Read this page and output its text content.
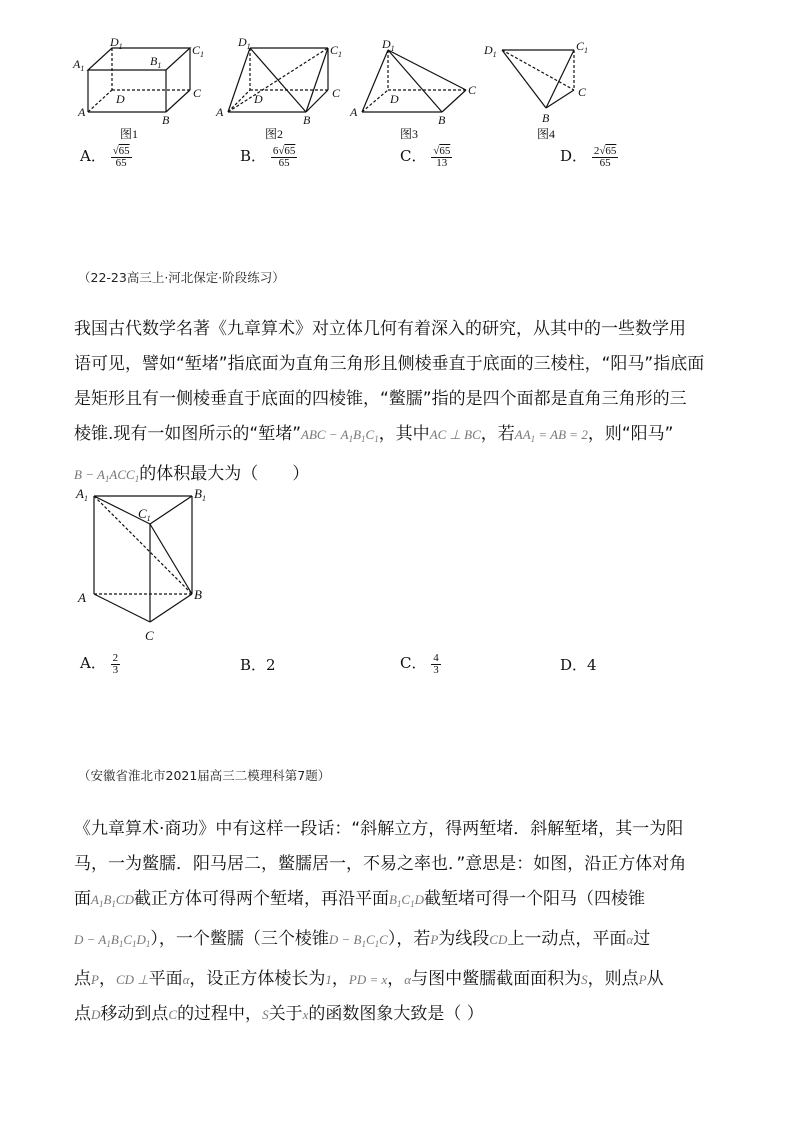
$D_1$	$C_1$
$A_1$
$B_1$
D	C
A
B
图1
$D_1$	$C_1$
D	C
A
B
图2
$D_1$
D
C
A
B
图3
$D_1$
$C_1$
C
B
图4
A． $\frac{√65}{65}$	B． $\frac{6√65}{65}$	C． $\frac{√65}{13}$	D． $\frac{2√65}{65}$
（22-23高三上·河北保定·阶段练习）
我国古代数学名著《九章算术》对立体几何有着深入的研究，从其中的一些数学用
语可见，譬如“堑堵”指底面为直角三角形且侧棱垂直于底面的三棱柱，“阳马”指底面
是矩形且有一侧棱垂直于底面的四棱锥，“鳖臑”指的是四个面都是直角三角形的三
棱锥.现有一如图所示的“堑堵”ABC − $A_1B_1C_1$，其中AC ⊥ BC，若$AA_1$ = AB = 2，则“阳马”
$B - A_1ACC_1$的体积最大为（　　）
$A_1$	$B_1$
$C_1$
A	B
C
A． $\frac{2}{3}$	B．2	C． $\frac{4}{3}$	D．4
（安徽省淮北市2021届高三二模理科第7题）
《九章算术·商功》中有这样一段话：“斜解立方，得两堑堵．斜解堑堵，其一为阳
马，一为鳖臑．阳马居二，鳖臑居一，不易之率也．”意思是：如图，沿正方体对角
面$A_1B_1CD$截正方体可得两个堑堵，再沿平面$B_1C_1D$截堑堵可得一个阳马（四棱锥
$D - A_1B_1C_1D_1$），一个鳖臑（三个棱锥$D - B_1C_1C$），若P为线段CD上一动点，平面α过
点P，CD ⊥平面α，设正方体棱长为1，PD = x，α与图中鳖臑截面面积为S，则点P从
点D移动到点C的过程中，S关于x的函数图象大致是（ ）
